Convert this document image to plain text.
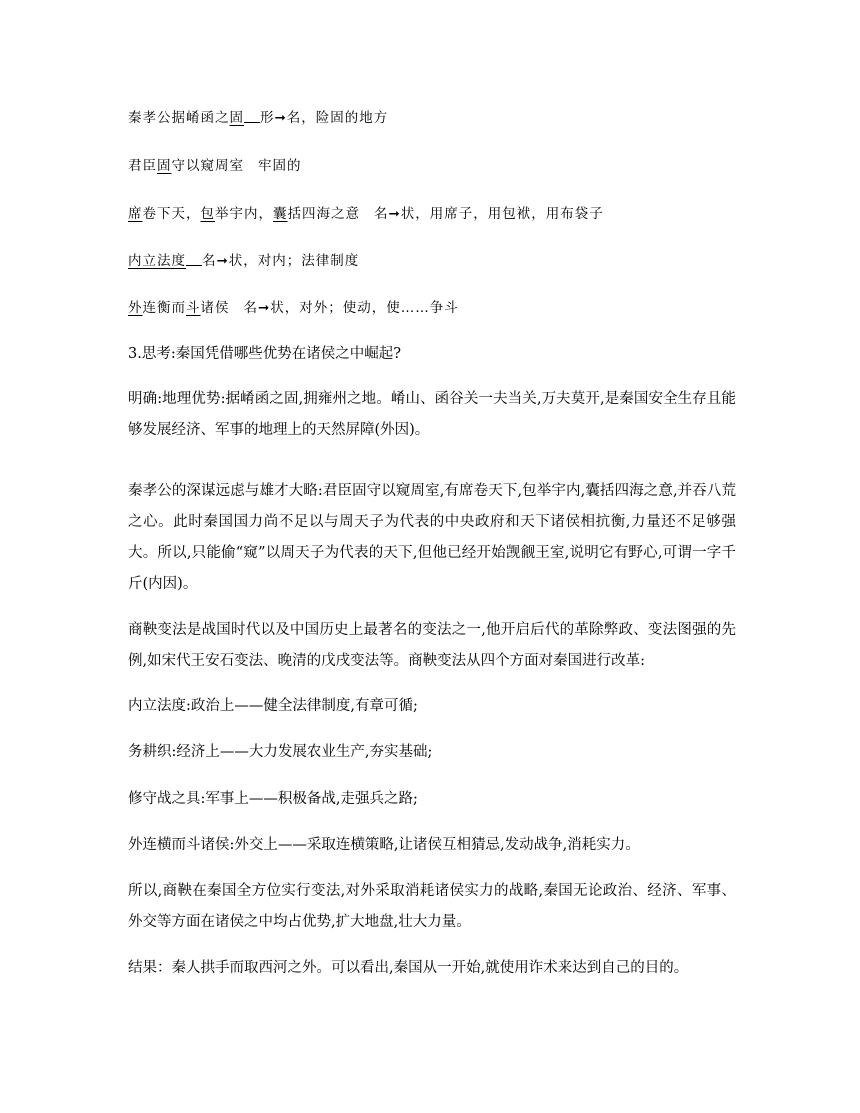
秦孝公据崤函之固 形➞名，险固的地方
君臣固守以窥周室 牢固的
席卷下天，包举宇内，囊括四海之意 名➞状，用席子，用包袱，用布袋子
内立法度 名➞状，对内；法律制度
外连衡而斗诸侯 名➞状，对外；使动，使……争斗
3.思考:秦国凭借哪些优势在诸侯之中崛起?
明确:地理优势:据崤函之固,拥雍州之地。崤山、函谷关一夫当关,万夫莫开,是秦国安全生存且能够发展经济、军事的地理上的天然屏障(外因)。
秦孝公的深谋远虑与雄才大略:君臣固守以窥周室,有席卷天下,包举宇内,囊括四海之意,并吞八荒之心。此时秦国国力尚不足以与周天子为代表的中央政府和天下诸侯相抗衡,力量还不足够强大。所以,只能偷“窥”以周天子为代表的天下,但他已经开始觊觎王室,说明它有野心,可谓一字千斤(内因)。
商鞅变法是战国时代以及中国历史上最著名的变法之一,他开启后代的革除弊政、变法图强的先例,如宋代王安石变法、晚清的戊戌变法等。商鞅变法从四个方面对秦国进行改革:
内立法度:政治上——健全法律制度,有章可循;
务耕织:经济上——大力发展农业生产,夯实基础;
修守战之具:军事上——积极备战,走强兵之路;
外连横而斗诸侯:外交上——采取连横策略,让诸侯互相猜忌,发动战争,消耗实力。
所以,商鞅在秦国全方位实行变法,对外采取消耗诸侯实力的战略,秦国无论政治、经济、军事、外交等方面在诸侯之中均占优势,扩大地盘,壮大力量。
结果：秦人拱手而取西河之外。可以看出,秦国从一开始,就使用诈术来达到自己的目的。
